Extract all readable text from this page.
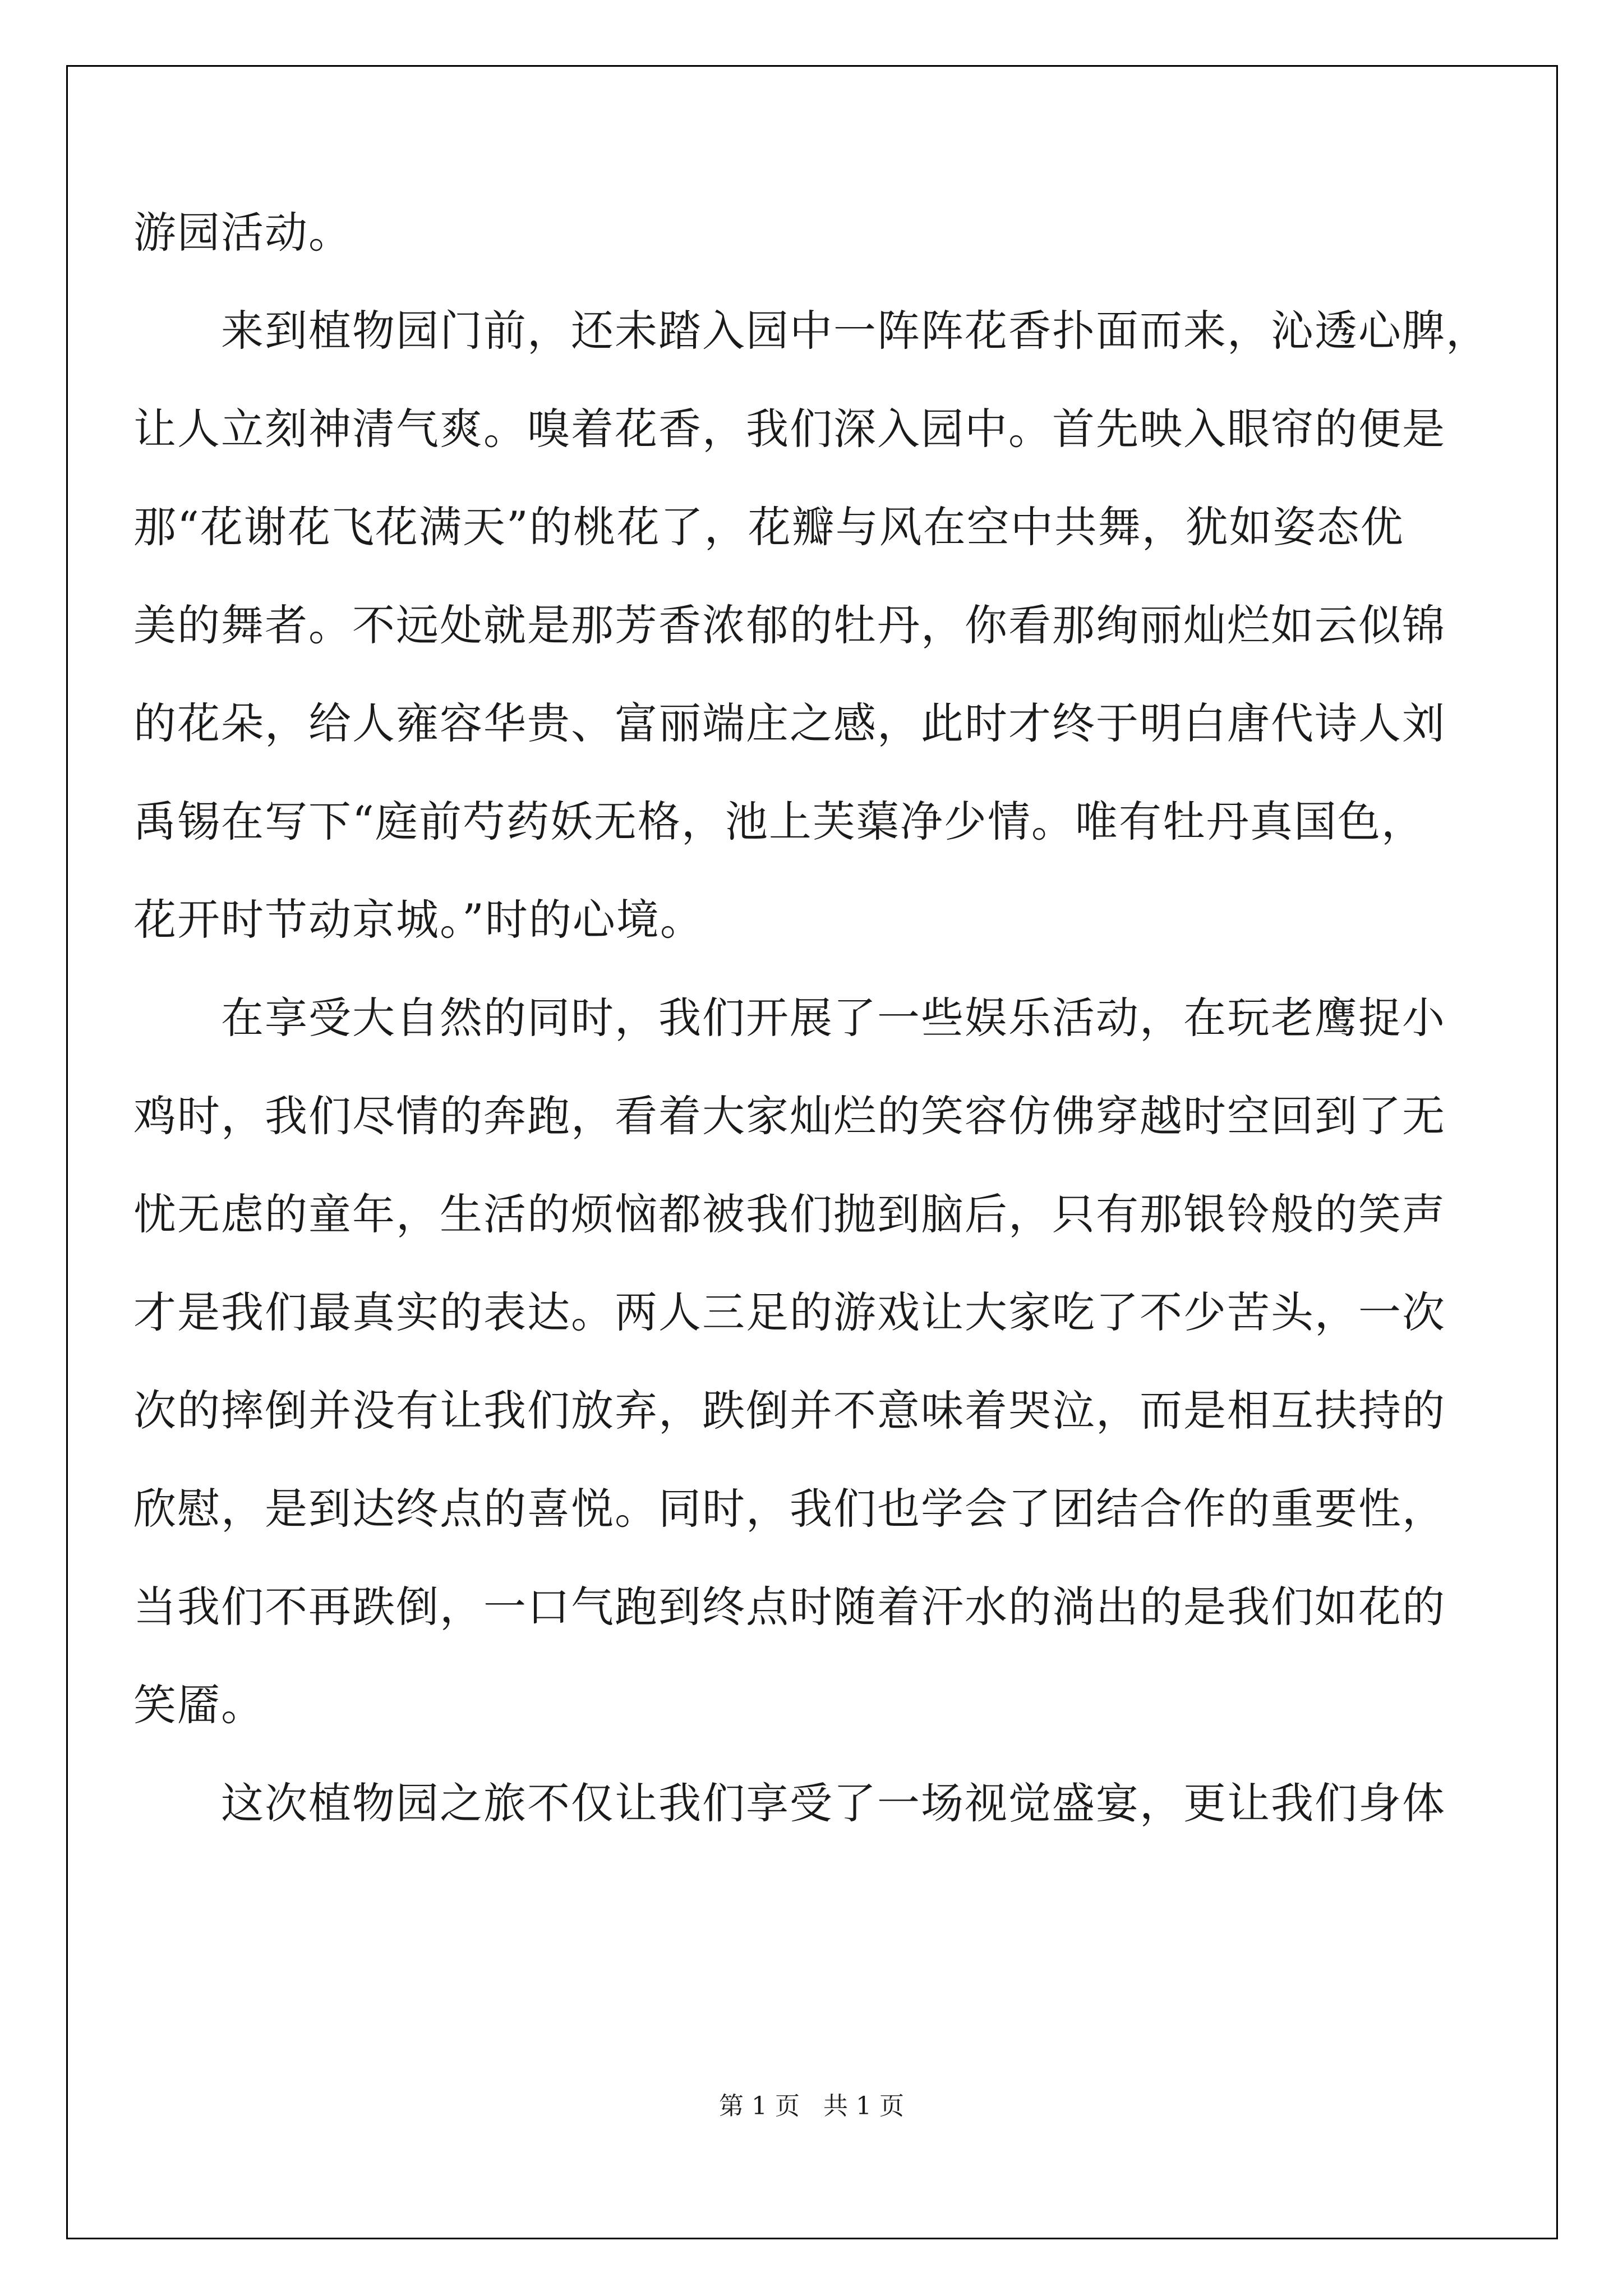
游园活动。
　　来到植物园门前，还未踏入园中一阵阵花香扑面而来，沁透心脾，
让人立刻神清气爽。嗅着花香，我们深入园中。首先映入眼帘的便是
那“花谢花飞花满天”的桃花了，花瓣与风在空中共舞，犹如姿态优
美的舞者。不远处就是那芳香浓郁的牡丹，你看那绚丽灿烂如云似锦
的花朵，给人雍容华贵、富丽端庄之感，此时才终于明白唐代诗人刘
禹锡在写下“庭前芍药妖无格，池上芙蕖净少情。唯有牡丹真国色，
花开时节动京城。”时的心境。
　　在享受大自然的同时，我们开展了一些娱乐活动，在玩老鹰捉小
鸡时，我们尽情的奔跑，看着大家灿烂的笑容仿佛穿越时空回到了无
忧无虑的童年，生活的烦恼都被我们抛到脑后，只有那银铃般的笑声
才是我们最真实的表达。两人三足的游戏让大家吃了不少苦头，一次
次的摔倒并没有让我们放弃，跌倒并不意味着哭泣，而是相互扶持的
欣慰，是到达终点的喜悦。同时，我们也学会了团结合作的重要性，
当我们不再跌倒，一口气跑到终点时随着汗水的淌出的是我们如花的
笑靥。
　　这次植物园之旅不仅让我们享受了一场视觉盛宴，更让我们身体
第 1 页   共 1 页
